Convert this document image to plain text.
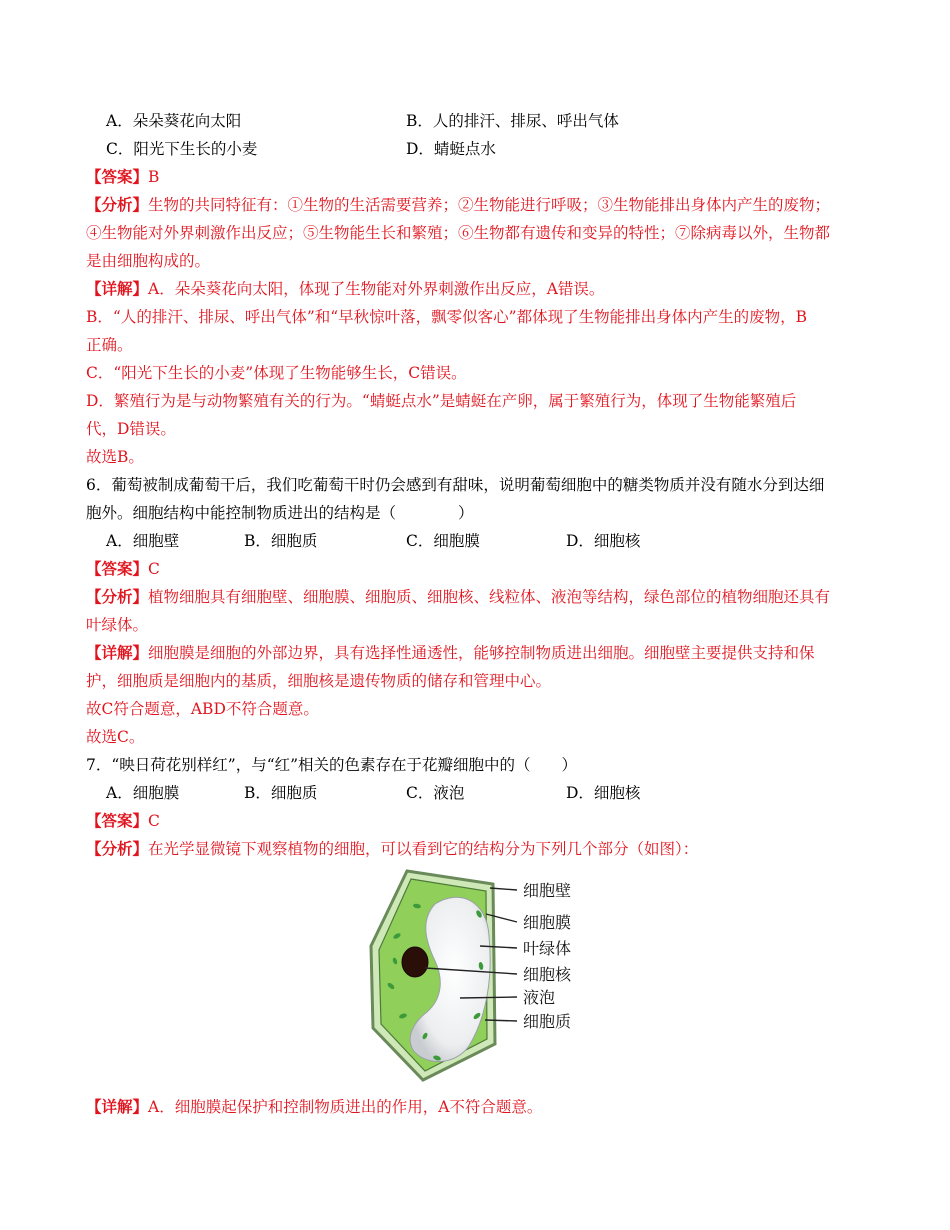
A．朵朵葵花向太阳	B．人的排汗、排尿、呼出气体
C．阳光下生长的小麦	D．蜻蜓点水
【答案】B
【分析】生物的共同特征有：①生物的生活需要营养；②生物能进行呼吸；③生物能排出身体内产生的废物；
④生物能对外界刺激作出反应；⑤生物能生长和繁殖；⑥生物都有遗传和变异的特性；⑦除病毒以外，生物都
是由细胞构成的。
【详解】A．朵朵葵花向太阳，体现了生物能对外界刺激作出反应，A错误。
B．“人的排汗、排尿、呼出气体”和“早秋惊叶落，飘零似客心”都体现了生物能排出身体内产生的废物，B
正确。
C．“阳光下生长的小麦”体现了生物能够生长，C错误。
D．繁殖行为是与动物繁殖有关的行为。“蜻蜓点水”是蜻蜓在产卵，属于繁殖行为，体现了生物能繁殖后
代，D错误。
故选B。
6．葡萄被制成葡萄干后，我们吃葡萄干时仍会感到有甜味，说明葡萄细胞中的糖类物质并没有随水分到达细
胞外。细胞结构中能控制物质进出的结构是（　　　　）
A．细胞壁	B．细胞质	C．细胞膜	D．细胞核
【答案】C
【分析】植物细胞具有细胞壁、细胞膜、细胞质、细胞核、线粒体、液泡等结构，绿色部位的植物细胞还具有
叶绿体。
【详解】细胞膜是细胞的外部边界，具有选择性通透性，能够控制物质进出细胞。细胞壁主要提供支持和保
护，细胞质是细胞内的基质，细胞核是遗传物质的储存和管理中心。
故C符合题意，ABD不符合题意。
故选C。
7．“映日荷花别样红”，与“红”相关的色素存在于花瓣细胞中的（　　）
A．细胞膜	B．细胞质	C．液泡	D．细胞核
【答案】C
【分析】在光学显微镜下观察植物的细胞，可以看到它的结构分为下列几个部分（如图）：
细胞壁
细胞膜
叶绿体
细胞核
液泡
细胞质
【详解】A．细胞膜起保护和控制物质进出的作用，A不符合题意。
